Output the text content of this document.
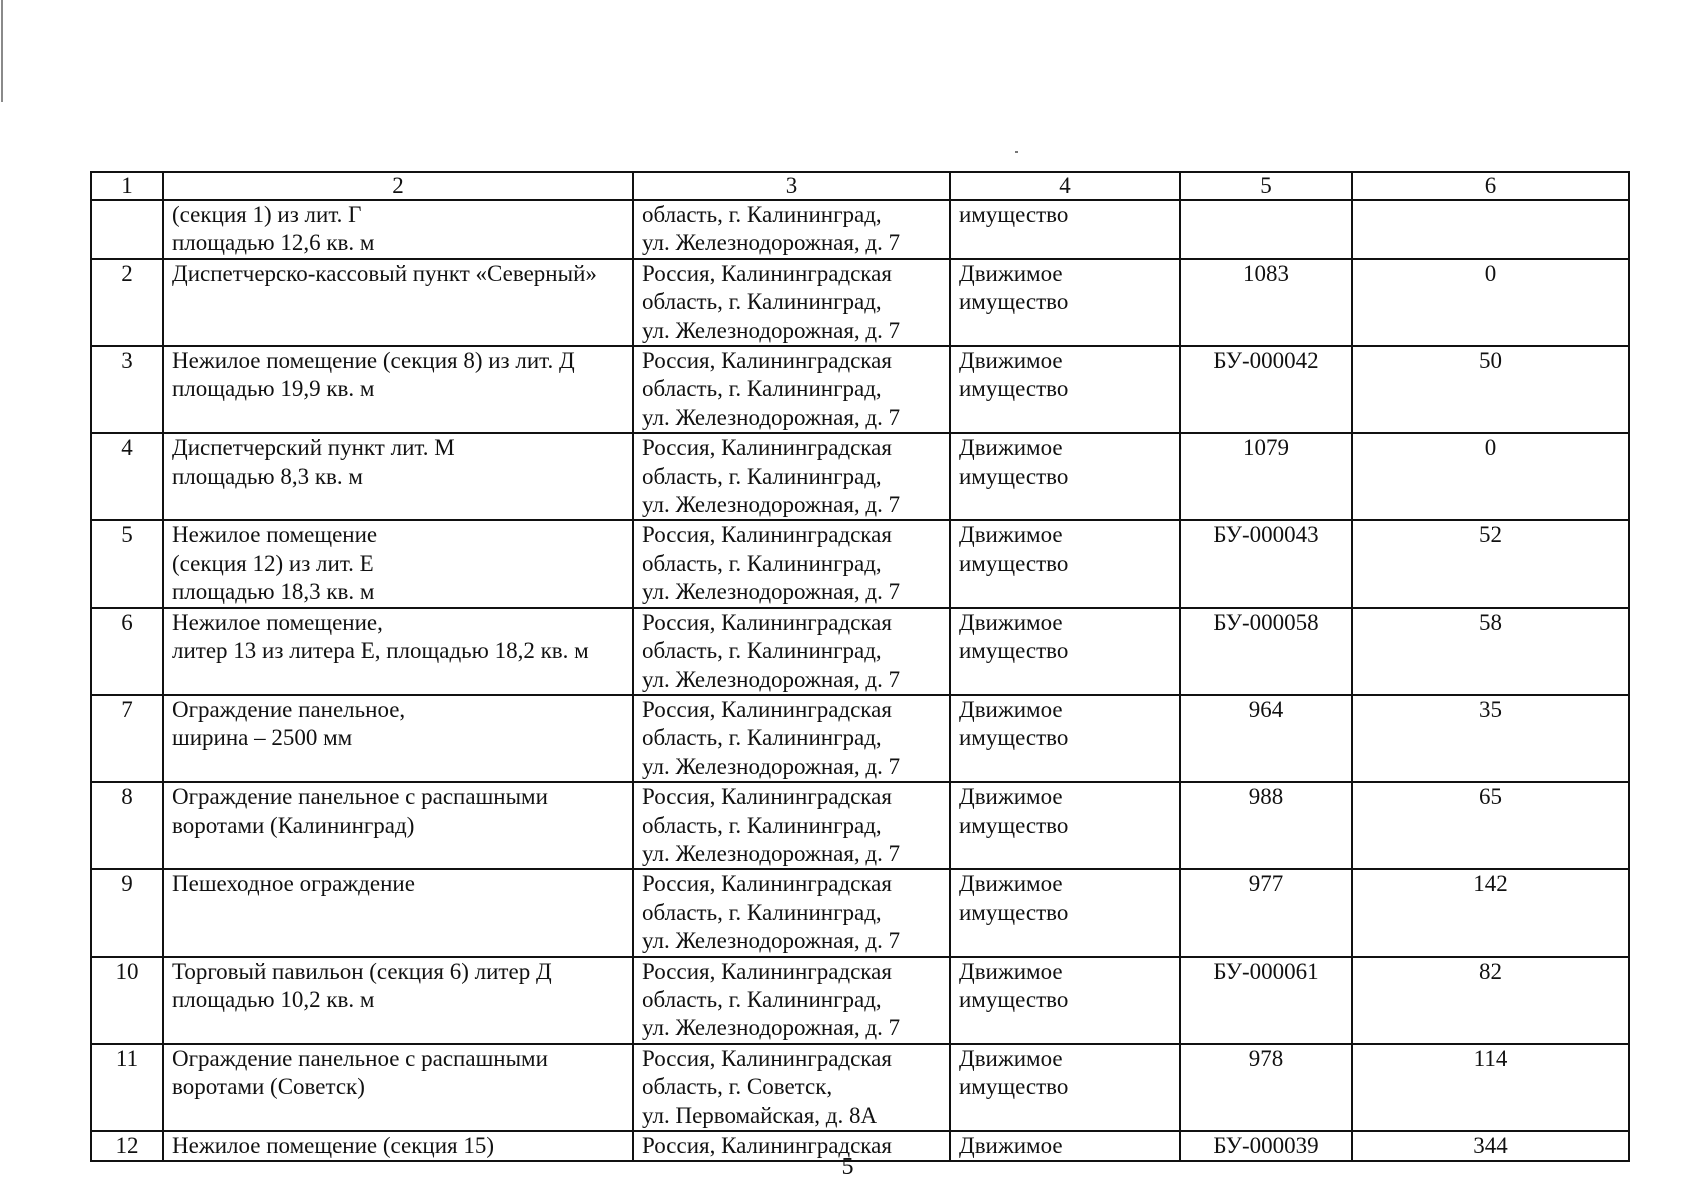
1	2	3	4	5	6
	(секция 1) из лит. Г
площадью 12,6 кв. м	область, г. Калининград,
ул. Железнодорожная, д. 7	имущество		
2	Диспетчерско-кассовый пункт «Северный»	Россия, Калининградская
область, г. Калининград,
ул. Железнодорожная, д. 7	Движимое
имущество	1083	0
3	Нежилое помещение (секция 8) из лит. Д
площадью 19,9 кв. м	Россия, Калининградская
область, г. Калининград,
ул. Железнодорожная, д. 7	Движимое
имущество	БУ-000042	50
4	Диспетчерский пункт лит. М
площадью 8,3 кв. м	Россия, Калининградская
область, г. Калининград,
ул. Железнодорожная, д. 7	Движимое
имущество	1079	0
5	Нежилое помещение
(секция 12) из лит. Е
площадью 18,3 кв. м	Россия, Калининградская
область, г. Калининград,
ул. Железнодорожная, д. 7	Движимое
имущество	БУ-000043	52
6	Нежилое помещение,
литер 13 из литера Е, площадью 18,2 кв. м	Россия, Калининградская
область, г. Калининград,
ул. Железнодорожная, д. 7	Движимое
имущество	БУ-000058	58
7	Ограждение панельное,
ширина – 2500 мм	Россия, Калининградская
область, г. Калининград,
ул. Железнодорожная, д. 7	Движимое
имущество	964	35
8	Ограждение панельное с распашными
воротами (Калининград)	Россия, Калининградская
область, г. Калининград,
ул. Железнодорожная, д. 7	Движимое
имущество	988	65
9	Пешеходное ограждение	Россия, Калининградская
область, г. Калининград,
ул. Железнодорожная, д. 7	Движимое
имущество	977	142
10	Торговый павильон (секция 6) литер Д
площадью 10,2 кв. м	Россия, Калининградская
область, г. Калининград,
ул. Железнодорожная, д. 7	Движимое
имущество	БУ-000061	82
11	Ограждение панельное с распашными
воротами (Советск)	Россия, Калининградская
область, г. Советск,
ул. Первомайская, д. 8А	Движимое
имущество	978	114
12	Нежилое помещение (секция 15)	Россия, Калининградская	Движимое	БУ-000039	344
5
